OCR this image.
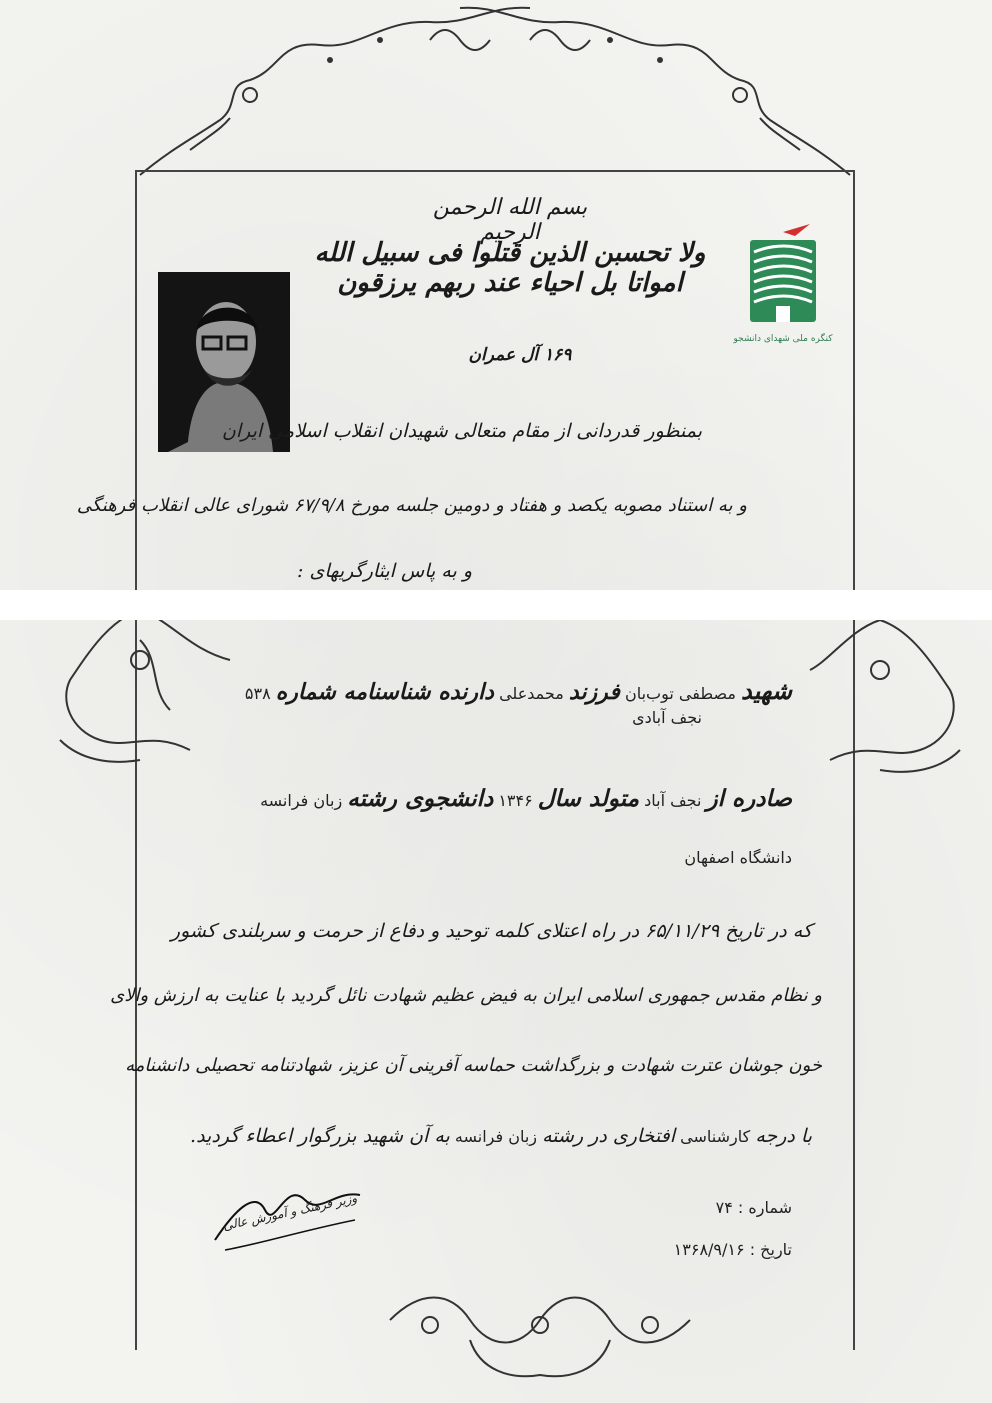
بسم الله الرحمن الرحیم
ولا تحسبن الذین قتلوا فی سبیل الله امواتا بل احیاء عند ربهم یرزقون
۱۶۹ آل عمران
کنگره ملی شهدای دانشجو
بمنظور قدردانی از مقام متعالی شهیدان انقلاب اسلامی ایران
و به استناد مصوبه یکصد و هفتاد و دومین جلسه مورخ ۶۷/۹/۸ شورای عالی انقلاب فرهنگی
و به پاس ایثارگریهای :
شهید مصطفی توب‌بان فرزند محمدعلی دارنده شناسنامه شماره ۵۳۸
نجف آبادی
صادره از نجف آباد متولد سال ۱۳۴۶ دانشجوی رشته زبان فرانسه
دانشگاه اصفهان
که در تاریخ ۶۵/۱۱/۲۹ در راه اعتلای کلمه توحید و دفاع از حرمت و سربلندی کشور
و نظام مقدس جمهوری اسلامی ایران به فیض عظیم شهادت نائل گردید با عنایت به ارزش والای
خون جوشان عترت شهادت و بزرگداشت حماسه آفرینی آن عزیز، شهادتنامه تحصیلی دانشنامه
با درجه کارشناسی افتخاری در رشته زبان فرانسه به آن شهید بزرگوار اعطاء گردید.
شماره : ۷۴
تاریخ : ۱۳۶۸/۹/۱۶
وزیر فرهنگ و آموزش عالی
